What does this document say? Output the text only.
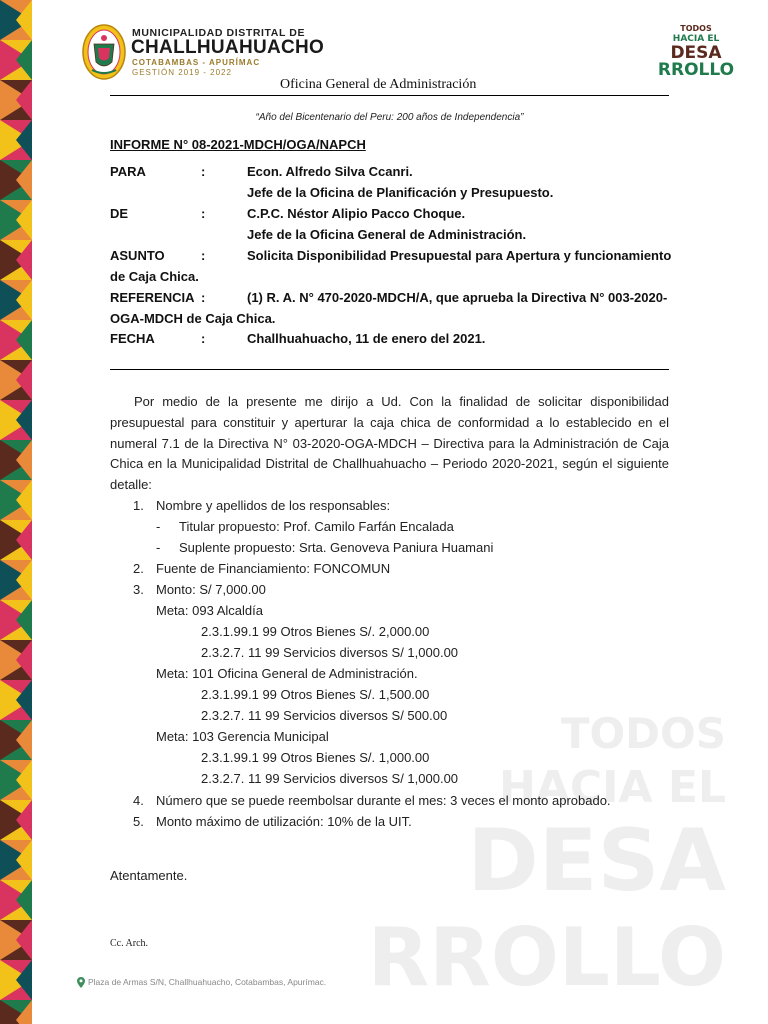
MUNICIPALIDAD DISTRITAL DE
CHALLHUAHUACHO
COTABAMBAS - APURÍMAC
GESTIÓN 2019 - 2022
TODOS
HACIA EL
DESA
RROLLO
Oficina General de Administración
“Año del Bicentenario del Peru: 200 años de Independencia”
INFORME N° 08-2021-MDCH/OGA/NAPCH
PARA	:	Econ. Alfredo Silva Ccanri.
Jefe de la Oficina de Planificación y Presupuesto.
DE	:	C.P.C. Néstor Alipio Pacco Choque.
Jefe de la Oficina General de Administración.
ASUNTO	:	Solicita Disponibilidad Presupuestal para Apertura y funcionamiento
de Caja Chica.
REFERENCIA :	(1) R. A. N° 470-2020-MDCH/A, que aprueba la Directiva N° 003-2020-
OGA-MDCH de Caja Chica.
FECHA	:	Challhuahuacho, 11 de enero del 2021.
TODOS
HACIA EL
DESA
RROLLO
Por medio de la presente me dirijo a Ud. Con la finalidad de solicitar disponibilidad presupuestal para constituir y aperturar la caja chica de conformidad a lo establecido en el numeral 7.1 de la Directiva N° 03-2020-OGA-MDCH – Directiva para la Administración de Caja Chica en la Municipalidad Distrital de Challhuahuacho – Periodo 2020-2021, según el siguiente detalle:
1. Nombre y apellidos de los responsables:
- Titular propuesto: Prof. Camilo Farfán Encalada
- Suplente propuesto: Srta. Genoveva Paniura Huamani
2. Fuente de Financiamiento: FONCOMUN
3. Monto: S/ 7,000.00
Meta: 093 Alcaldía
2.3.1.99.1 99 Otros Bienes S/. 2,000.00
2.3.2.7. 11 99 Servicios diversos S/ 1,000.00
Meta: 101 Oficina General de Administración.
2.3.1.99.1 99 Otros Bienes S/. 1,500.00
2.3.2.7. 11 99 Servicios diversos S/ 500.00
Meta: 103 Gerencia Municipal
2.3.1.99.1 99 Otros Bienes S/. 1,000.00
2.3.2.7. 11 99 Servicios diversos S/ 1,000.00
4. Número que se puede reembolsar durante el mes: 3 veces el monto aprobado.
5. Monto máximo de utilización: 10% de la UIT.
Atentamente.
Cc. Arch.
Plaza de Armas S/N, Challhuahuacho, Cotabambas, Apurímac.
